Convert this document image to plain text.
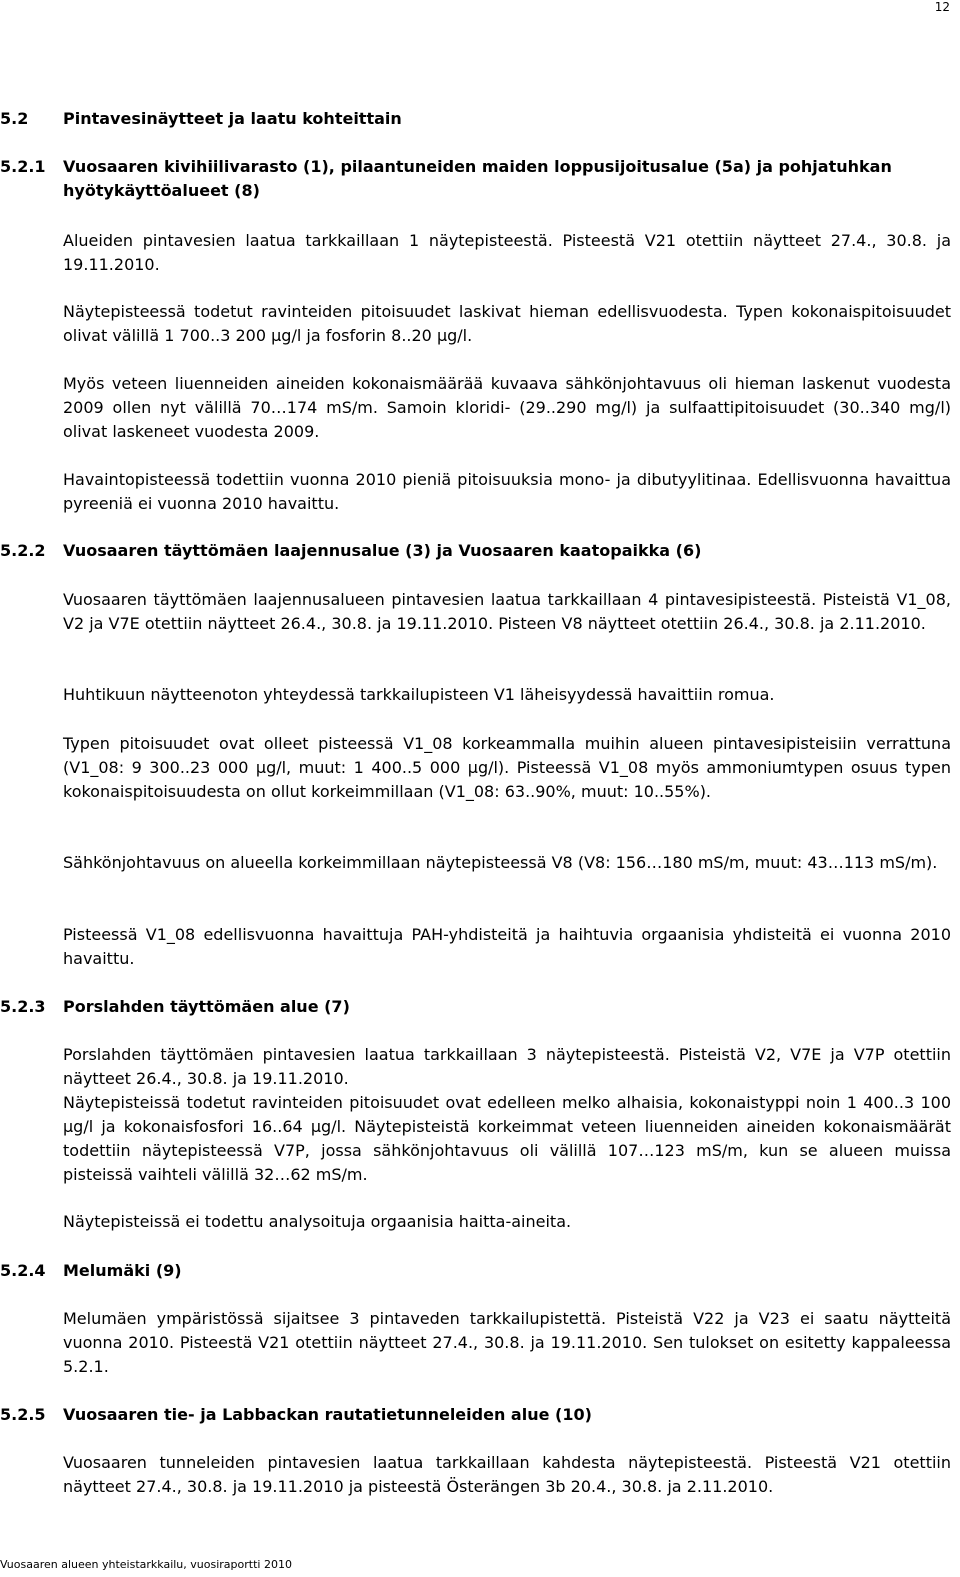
12
5.2 Pintavesinäytteet ja laatu kohteittain
5.2.1 Vuosaaren kivihiilivarasto (1), pilaantuneiden maiden loppusijoitusalue (5a) ja pohjatuhkan hyötykäyttöalueet (8)
Alueiden pintavesien laatua tarkkaillaan 1 näytepisteestä. Pisteestä V21 otettiin näytteet 27.4., 30.8. ja 19.11.2010.
Näytepisteessä todetut ravinteiden pitoisuudet laskivat hieman edellisvuodesta. Typen kokonaispitoisuudet olivat välillä 1 700..3 200 µg/l ja fosforin 8..20 µg/l.
Myös veteen liuenneiden aineiden kokonaismäärää kuvaava sähkönjohtavuus oli hieman laskenut vuodesta 2009 ollen nyt välillä 70…174 mS/m. Samoin kloridi- (29..290 mg/l) ja sulfaattipitoisuudet (30..340 mg/l) olivat laskeneet vuodesta 2009.
Havaintopisteessä todettiin vuonna 2010 pieniä pitoisuuksia mono- ja dibutyylitinaa. Edellisvuonna havaittua pyreeniä ei vuonna 2010 havaittu.
5.2.2 Vuosaaren täyttömäen laajennusalue (3) ja Vuosaaren kaatopaikka (6)
Vuosaaren täyttömäen laajennusalueen pintavesien laatua tarkkaillaan 4 pintavesipisteestä. Pisteistä V1_08, V2 ja V7E otettiin näytteet 26.4., 30.8. ja 19.11.2010. Pisteen V8 näytteet otettiin 26.4., 30.8. ja 2.11.2010.
Huhtikuun näytteenoton yhteydessä tarkkailupisteen V1 läheisyydessä havaittiin romua.
Typen pitoisuudet ovat olleet pisteessä V1_08 korkeammalla muihin alueen pintavesipisteisiin verrattuna (V1_08: 9 300..23 000 µg/l, muut: 1 400..5 000 µg/l). Pisteessä V1_08 myös ammoniumtypen osuus typen kokonaispitoisuudesta on ollut korkeimmillaan (V1_08: 63..90%, muut: 10..55%).
Sähkönjohtavuus on alueella korkeimmillaan näytepisteessä V8 (V8: 156…180 mS/m, muut: 43…113 mS/m).
Pisteessä V1_08 edellisvuonna havaittuja PAH-yhdisteitä ja haihtuvia orgaanisia yhdisteitä ei vuonna 2010 havaittu.
5.2.3 Porslahden täyttömäen alue (7)
Porslahden täyttömäen pintavesien laatua tarkkaillaan 3 näytepisteestä. Pisteistä V2, V7E ja V7P otettiin näytteet 26.4., 30.8. ja 19.11.2010.
Näytepisteissä todetut ravinteiden pitoisuudet ovat edelleen melko alhaisia, kokonaistyppi noin 1 400..3 100 µg/l ja kokonaisfosfori 16..64 µg/l. Näytepisteistä korkeimmat veteen liuenneiden aineiden kokonaismäärät todettiin näytepisteessä V7P, jossa sähkönjohtavuus oli välillä 107…123 mS/m, kun se alueen muissa pisteissä vaihteli välillä 32…62 mS/m.
Näytepisteissä ei todettu analysoituja orgaanisia haitta-aineita.
5.2.4 Melumäki (9)
Melumäen ympäristössä sijaitsee 3 pintaveden tarkkailupistettä. Pisteistä V22 ja V23 ei saatu näytteitä vuonna 2010. Pisteestä V21 otettiin näytteet 27.4., 30.8. ja 19.11.2010. Sen tulokset on esitetty kappaleessa 5.2.1.
5.2.5 Vuosaaren tie- ja Labbackan rautatietunneleiden alue (10)
Vuosaaren tunneleiden pintavesien laatua tarkkaillaan kahdesta näytepisteestä. Pisteestä V21 otettiin näytteet 27.4., 30.8. ja 19.11.2010 ja pisteestä Österängen 3b 20.4., 30.8. ja 2.11.2010.
Vuosaaren alueen yhteistarkkailu, vuosiraportti 2010
